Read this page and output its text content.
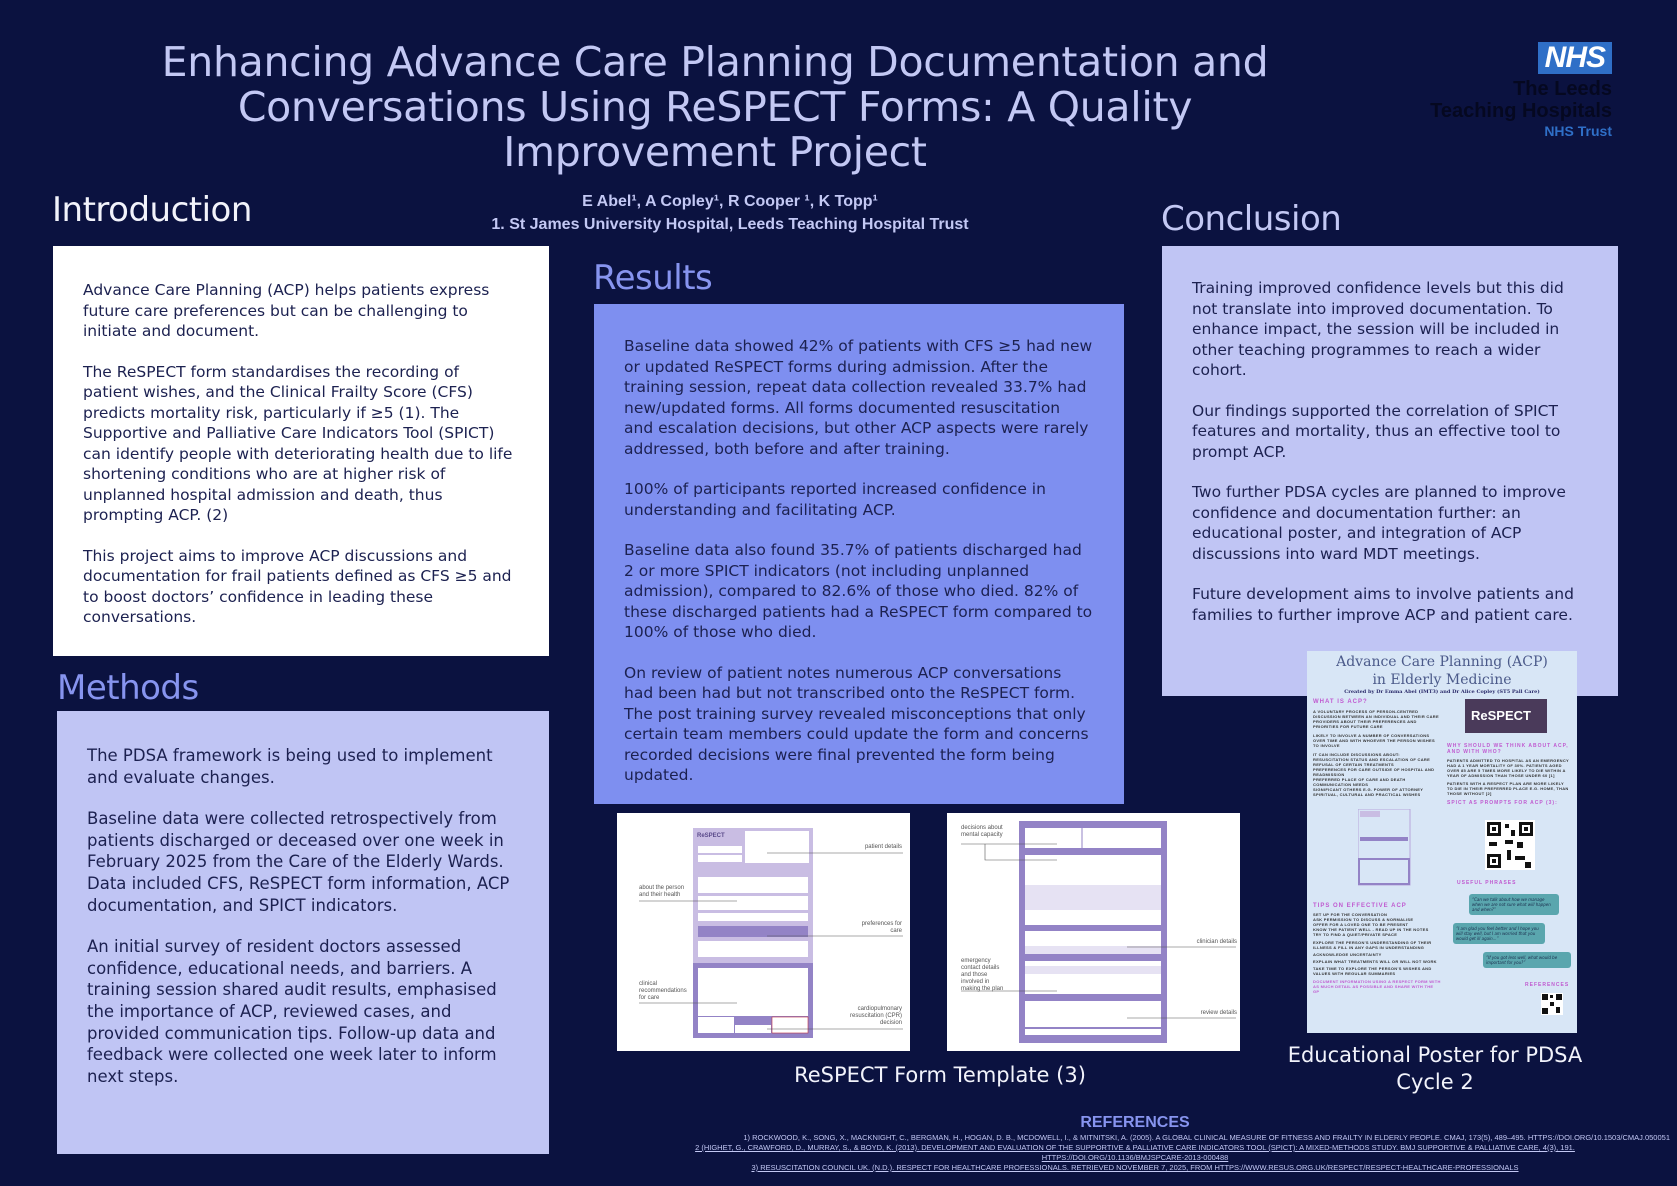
Enhancing Advance Care Planning Documentation and Conversations Using ReSPECT Forms: A Quality Improvement Project
E Abel¹, A Copley¹, R Cooper ¹, K Topp¹
1. St James University Hospital, Leeds Teaching Hospital Trust
NHS
The Leeds
Teaching Hospitals
NHS Trust
Introduction

Advance Care Planning (ACP) helps patients express future care preferences but can be challenging to initiate and document.

The ReSPECT form standardises the recording of patient wishes, and the Clinical Frailty Score (CFS) predicts mortality risk, particularly if ≥5 (1). The Supportive and Palliative Care Indicators Tool (SPICT) can identify people with deteriorating health due to life shortening conditions who are at higher risk of unplanned hospital admission and death, thus prompting ACP. (2)

This project aims to improve ACP discussions and documentation for frail patients defined as CFS ≥5 and to boost doctors’ confidence in leading these conversations.

Methods

The PDSA framework is being used to implement and evaluate changes.

Baseline data were collected retrospectively from patients discharged or deceased over one week in February 2025 from the Care of the Elderly Wards. Data included CFS, ReSPECT form information, ACP documentation, and SPICT indicators.

An initial survey of resident doctors assessed confidence, educational needs, and barriers. A training session shared audit results, emphasised the importance of ACP, reviewed cases, and provided communication tips. Follow-up data and feedback were collected one week later to inform next steps.

Results

Baseline data showed 42% of patients with CFS ≥5 had new or updated ReSPECT forms during admission. After the training session, repeat data collection revealed 33.7% had new/updated forms. All forms documented resuscitation and escalation decisions, but other ACP aspects were rarely addressed, both before and after training.

100% of participants reported increased confidence in understanding and facilitating ACP.

Baseline data also found 35.7% of patients discharged had 2 or more SPICT indicators (not including unplanned admission), compared to 82.6% of those who died. 82% of these discharged patients had a ReSPECT form compared to 100% of those who died.

On review of patient notes numerous ACP conversations had been had but not transcribed onto the ReSPECT form. The post training survey revealed misconceptions that only certain team members could update the form and concerns recorded decisions were final prevented the form being updated.

Conclusion

Training improved confidence levels but this did not translate into improved documentation. To enhance impact, the session will be included in other teaching programmes to reach a wider cohort.

Our findings supported the correlation of SPICT features and mortality, thus an effective tool to prompt ACP.

Two further PDSA cycles are planned to improve confidence and documentation further: an educational poster, and integration of ACP discussions into ward MDT meetings.

Future development aims to involve patients and families to further improve ACP and patient care.

ReSPECT
patient details
about the person and their health
preferences for care
clinical recommendations for care
cardiopulmonary resuscitation (CPR) decision
decisions about mental capacity
clinician details
emergency contact details and those involved in making the plan
review details
ReSPECT Form Template (3)
Advance Care Planning (ACP)
in Elderly Medicine
Created by Dr Emma Abel (IMT3) and Dr Alice Copley (ST5 Pall Care)
WHAT IS ACP?
A VOLUNTARY PROCESS OF PERSON-CENTRED DISCUSSION BETWEEN AN INDIVIDUAL AND THEIR CARE PROVIDERS ABOUT THEIR PREFERENCES AND PRIORITIES FOR FUTURE CARE
LIKELY TO INVOLVE A NUMBER OF CONVERSATIONS OVER TIME AND WITH WHOEVER THE PERSON WISHES TO INVOLVE
IT CAN INCLUDE DISCUSSIONS ABOUT:
RESUSCITATION STATUS AND ESCALATION OF CARE
REFUSAL OF CERTAIN TREATMENTS
PREFERENCES FOR CARE OUTSIDE OF HOSPITAL AND READMISSION
PREFERRED PLACE OF CARE AND DEATH
COMMUNICATION NEEDS
SIGNIFICANT OTHERS E.G. POWER OF ATTORNEY
SPIRITUAL, CULTURAL AND PRACTICAL WISHES
TIPS ON EFFECTIVE ACP
SET UP FOR THE CONVERSATION
ASK PERMISSION TO DISCUSS & NORMALISE
OFFER FOR A LOVED ONE TO BE PRESENT
KNOW THE PATIENT WELL - READ UP IN THE NOTES
TRY TO FIND A QUIET/PRIVATE SPACE
EXPLORE THE PERSON'S UNDERSTANDING OF THEIR ILLNESS & FILL IN ANY GAPS IN UNDERSTANDING
ACKNOWLEDGE UNCERTAINTY
EXPLAIN WHAT TREATMENTS WILL OR WILL NOT WORK
TAKE TIME TO EXPLORE THE PERSON'S WISHES AND VALUES WITH REGULAR SUMMARIES
DOCUMENT INFORMATION USING A RESPECT FORM WITH AS MUCH DETAIL AS POSSIBLE AND SHARE WITH THE GP
ReSPECT
WHY SHOULD WE THINK ABOUT ACP, AND WITH WHO?
PATIENTS ADMITTED TO HOSPITAL AS AN EMERGENCY HAD A 1 YEAR MORTALITY OF 30%. PATIENTS AGED OVER 85 ARE 5 TIMES MORE LIKELY TO DIE WITHIN A YEAR OF ADMISSION THAN THOSE UNDER 60 [1]
PATIENTS WITH A RESPECT PLAN ARE MORE LIKELY TO DIE IN THEIR PREFERRED PLACE E.G. HOME, THAN THOSE WITHOUT [2]
SPICT AS PROMPTS FOR ACP (3):
USEFUL PHRASES
“Can we talk about how we manage when we are not sure what will happen and when?”
“I am glad you feel better and I hope you will stay well, but I am worried that you would get ill again...”
“If you got less well, what would be important for you?”
REFERENCES
Educational Poster for PDSA Cycle 2
REFERENCES
1) ROCKWOOD, K., SONG, X., MACKNIGHT, C., BERGMAN, H., HOGAN, D. B., MCDOWELL, I., & MITNITSKI, A. (2005). A GLOBAL CLINICAL MEASURE OF FITNESS AND FRAILTY IN ELDERLY PEOPLE. CMAJ, 173(5), 489–495. HTTPS://DOI.ORG/10.1503/CMAJ.050051
2 (HIGHET, G., CRAWFORD, D., MURRAY, S., & BOYD, K. (2013). DEVELOPMENT AND EVALUATION OF THE SUPPORTIVE & PALLIATIVE CARE INDICATORS TOOL (SPICT): A MIXED-METHODS STUDY. BMJ SUPPORTIVE & PALLIATIVE CARE, 4(3), 191.
HTTPS://DOI.ORG/10.1136/BMJSPCARE-2013-000488
3) RESUSCITATION COUNCIL UK. (N.D.). RESPECT FOR HEALTHCARE PROFESSIONALS. RETRIEVED NOVEMBER 7, 2025, FROM HTTPS://WWW.RESUS.ORG.UK/RESPECT/RESPECT-HEALTHCARE-PROFESSIONALS
